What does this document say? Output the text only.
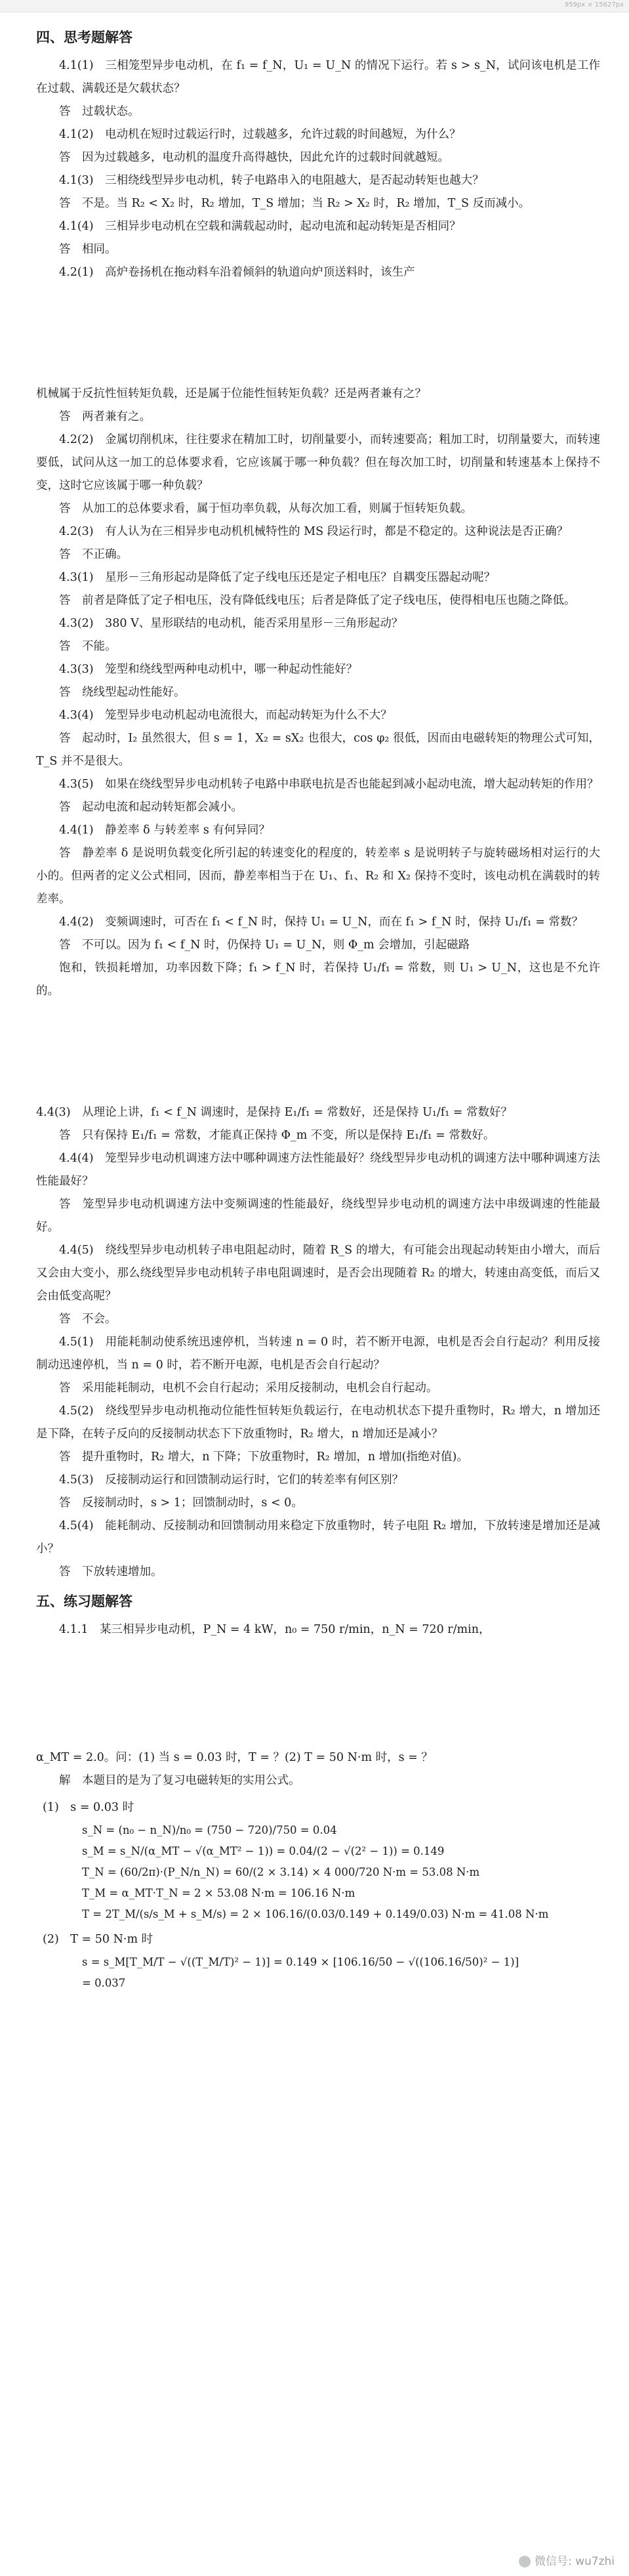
959px × 15627px

四、思考题解答

4.1(1)　三相笼型异步电动机，在 f₁ = f_N，U₁ = U_N 的情况下运行。若 s > s_N，试问该电机是工作在过载、满载还是欠载状态？

答　过载状态。

4.1(2)　电动机在短时过载运行时，过载越多，允许过载的时间越短，为什么？

答　因为过载越多，电动机的温度升高得越快，因此允许的过载时间就越短。

4.1(3)　三相绕线型异步电动机，转子电路串入的电阻越大，是否起动转矩也越大？

答　不是。当 R₂ < X₂ 时，R₂ 增加，T_S 增加；当 R₂ > X₂ 时，R₂ 增加，T_S 反而减小。

4.1(4)　三相异步电动机在空载和满载起动时，起动电流和起动转矩是否相同？

答　相同。

4.2(1)　高炉卷扬机在拖动料车沿着倾斜的轨道向炉顶送料时，该生产

机械属于反抗性恒转矩负载，还是属于位能性恒转矩负载？还是两者兼有之？

答　两者兼有之。

4.2(2)　金属切削机床，往往要求在精加工时，切削量要小，而转速要高；粗加工时，切削量要大，而转速要低，试问从这一加工的总体要求看，它应该属于哪一种负载？但在每次加工时，切削量和转速基本上保持不变，这时它应该属于哪一种负载？

答　从加工的总体要求看，属于恒功率负载，从每次加工看，则属于恒转矩负载。

4.2(3)　有人认为在三相异步电动机机械特性的 MS 段运行时，都是不稳定的。这种说法是否正确？

答　不正确。

4.3(1)　星形－三角形起动是降低了定子线电压还是定子相电压？自耦变压器起动呢？

答　前者是降低了定子相电压，没有降低线电压；后者是降低了定子线电压，使得相电压也随之降低。

4.3(2)　380 V、星形联结的电动机，能否采用星形－三角形起动？

答　不能。

4.3(3)　笼型和绕线型两种电动机中，哪一种起动性能好？

答　绕线型起动性能好。

4.3(4)　笼型异步电动机起动电流很大，而起动转矩为什么不大？

答　起动时，I₂ 虽然很大，但 s = 1，X₂ = sX₂ 也很大，cos φ₂ 很低，因而由电磁转矩的物理公式可知，T_S 并不是很大。

4.3(5)　如果在绕线型异步电动机转子电路中串联电抗是否也能起到减小起动电流，增大起动转矩的作用？

答　起动电流和起动转矩都会减小。

4.4(1)　静差率 δ 与转差率 s 有何异同？

答　静差率 δ 是说明负载变化所引起的转速变化的程度的，转差率 s 是说明转子与旋转磁场相对运行的大小的。但两者的定义公式相同，因而，静差率相当于在 U₁、f₁、R₂ 和 X₂ 保持不变时，该电动机在满载时的转差率。

4.4(2)　变频调速时，可否在 f₁ < f_N 时，保持 U₁ = U_N，而在 f₁ > f_N 时，保持 U₁/f₁ = 常数？

答　不可以。因为 f₁ < f_N 时，仍保持 U₁ = U_N，则 Φ_m 会增加，引起磁路

饱和，铁损耗增加，功率因数下降；f₁ > f_N 时，若保持 U₁/f₁ = 常数，则 U₁ > U_N，这也是不允许的。

4.4(3)　从理论上讲，f₁ < f_N 调速时，是保持 E₁/f₁ = 常数好，还是保持 U₁/f₁ = 常数好？

答　只有保持 E₁/f₁ = 常数，才能真正保持 Φ_m 不变，所以是保持 E₁/f₁ = 常数好。

4.4(4)　笼型异步电动机调速方法中哪种调速方法性能最好？绕线型异步电动机的调速方法中哪种调速方法性能最好？

答　笼型异步电动机调速方法中变频调速的性能最好，绕线型异步电动机的调速方法中串级调速的性能最好。

4.4(5)　绕线型异步电动机转子串电阻起动时，随着 R_S 的增大，有可能会出现起动转矩由小增大，而后又会由大变小，那么绕线型异步电动机转子串电阻调速时，是否会出现随着 R₂ 的增大，转速由高变低，而后又会由低变高呢？

答　不会。

4.5(1)　用能耗制动使系统迅速停机，当转速 n = 0 时，若不断开电源，电机是否会自行起动？利用反接制动迅速停机，当 n = 0 时，若不断开电源，电机是否会自行起动？

答　采用能耗制动，电机不会自行起动；采用反接制动，电机会自行起动。

4.5(2)　绕线型异步电动机拖动位能性恒转矩负载运行，在电动机状态下提升重物时，R₂ 增大，n 增加还是下降，在转子反向的反接制动状态下下放重物时，R₂ 增大，n 增加还是减小？

答　提升重物时，R₂ 增大，n 下降；下放重物时，R₂ 增加，n 增加(指绝对值)。

4.5(3)　反接制动运行和回馈制动运行时，它们的转差率有何区别？

答　反接制动时，s > 1；回馈制动时，s < 0。

4.5(4)　能耗制动、反接制动和回馈制动用来稳定下放重物时，转子电阻 R₂ 增加，下放转速是增加还是减小？

答　下放转速增加。

五、练习题解答

4.1.1　某三相异步电动机，P_N = 4 kW，n₀ = 750 r/min，n_N = 720 r/min，

α_MT = 2.0。问：(1) 当 s = 0.03 时，T = ？(2) T = 50 N·m 时，s = ？

解　本题目的是为了复习电磁转矩的实用公式。

(1)　s = 0.03 时

s_N = (n₀ − n_N)/n₀ = (750 − 720)/750 = 0.04
s_M = s_N/(α_MT − √(α_MT² − 1)) = 0.04/(2 − √(2² − 1)) = 0.149
T_N = (60/2π)·(P_N/n_N) = 60/(2 × 3.14) × 4 000/720 N·m = 53.08 N·m
T_M = α_MT·T_N = 2 × 53.08 N·m = 106.16 N·m
T = 2T_M/(s/s_M + s_M/s) = 2 × 106.16/(0.03/0.149 + 0.149/0.03) N·m = 41.08 N·m

(2)　T = 50 N·m 时

s = s_M[T_M/T − √((T_M/T)² − 1)] = 0.149 × [106.16/50 − √((106.16/50)² − 1)]
= 0.037
微信号: wu7zhi
